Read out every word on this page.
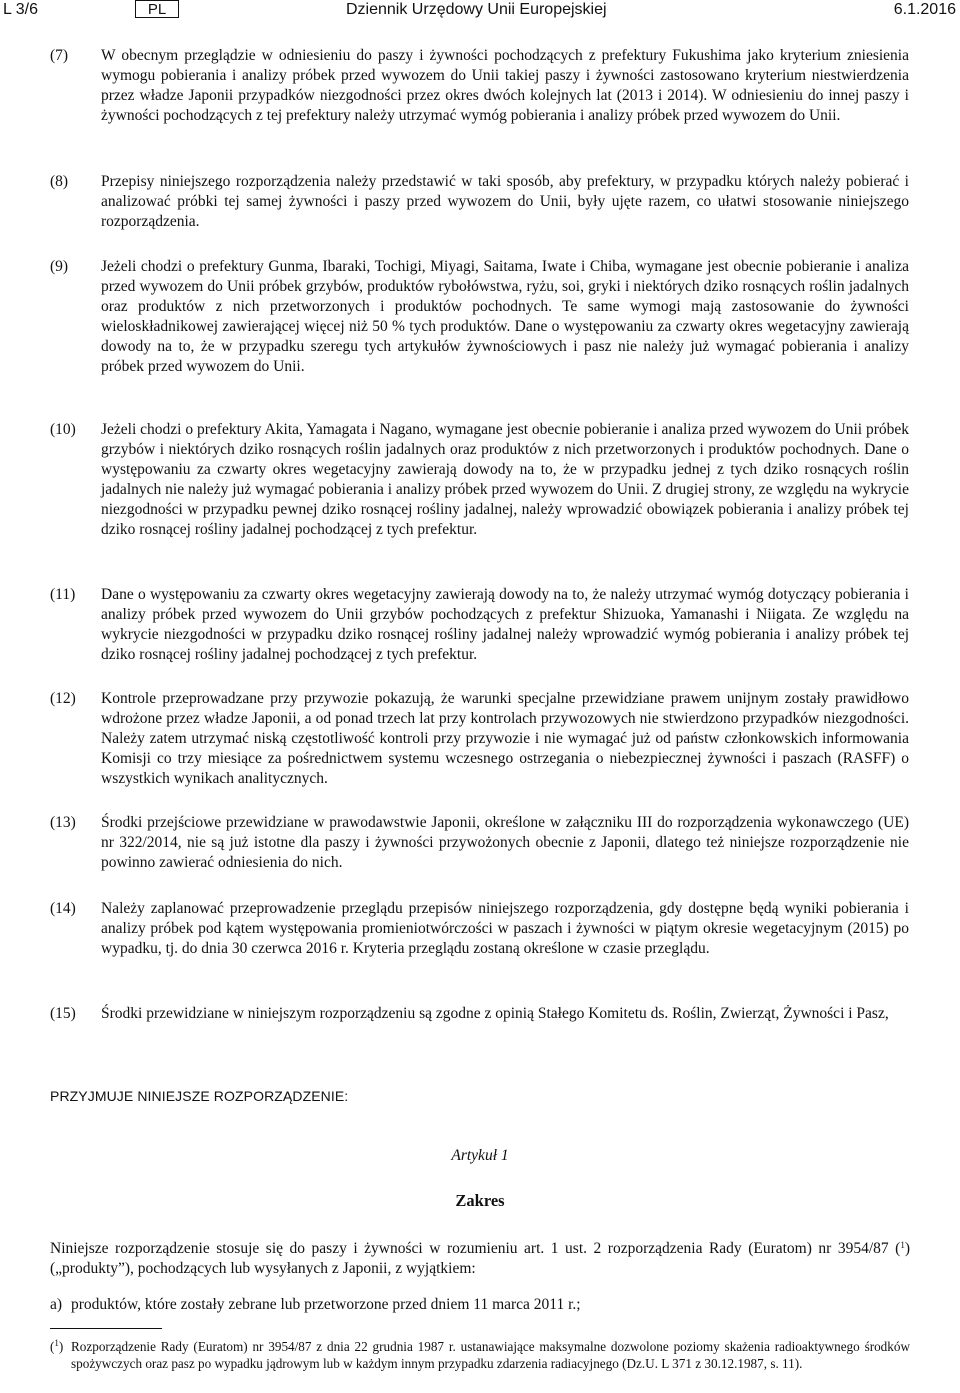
L 3/6	PL	Dziennik Urzędowy Unii Europejskiej	6.1.2016
(7) W obecnym przeglądzie w odniesieniu do paszy i żywności pochodzących z prefektury Fukushima jako kryterium zniesienia wymogu pobierania i analizy próbek przed wywozem do Unii takiej paszy i żywności zastosowano kryterium niestwierdzenia przez władze Japonii przypadków niezgodności przez okres dwóch kolejnych lat (2013 i 2014). W odniesieniu do innej paszy i żywności pochodzących z tej prefektury należy utrzymać wymóg pobierania i analizy próbek przed wywozem do Unii.
(8) Przepisy niniejszego rozporządzenia należy przedstawić w taki sposób, aby prefektury, w przypadku których należy pobierać i analizować próbki tej samej żywności i paszy przed wywozem do Unii, były ujęte razem, co ułatwi stosowanie niniejszego rozporządzenia.
(9) Jeżeli chodzi o prefektury Gunma, Ibaraki, Tochigi, Miyagi, Saitama, Iwate i Chiba, wymagane jest obecnie pobieranie i analiza przed wywozem do Unii próbek grzybów, produktów rybołówstwa, ryżu, soi, gryki i niektórych dziko rosnących roślin jadalnych oraz produktów z nich przetworzonych i produktów pochodnych. Te same wymogi mają zastosowanie do żywności wieloskładnikowej zawierającej więcej niż 50 % tych produktów. Dane o występowaniu za czwarty okres wegetacyjny zawierają dowody na to, że w przypadku szeregu tych artykułów żywnościowych i pasz nie należy już wymagać pobierania i analizy próbek przed wywozem do Unii.
(10) Jeżeli chodzi o prefektury Akita, Yamagata i Nagano, wymagane jest obecnie pobieranie i analiza przed wywozem do Unii próbek grzybów i niektórych dziko rosnących roślin jadalnych oraz produktów z nich przetworzonych i produktów pochodnych. Dane o występowaniu za czwarty okres wegetacyjny zawierają dowody na to, że w przypadku jednej z tych dziko rosnących roślin jadalnych nie należy już wymagać pobierania i analizy próbek przed wywozem do Unii. Z drugiej strony, ze względu na wykrycie niezgodności w przypadku pewnej dziko rosnącej rośliny jadalnej, należy wprowadzić obowiązek pobierania i analizy próbek tej dziko rosnącej rośliny jadalnej pochodzącej z tych prefektur.
(11) Dane o występowaniu za czwarty okres wegetacyjny zawierają dowody na to, że należy utrzymać wymóg dotyczący pobierania i analizy próbek przed wywozem do Unii grzybów pochodzących z prefektur Shizuoka, Yamanashi i Niigata. Ze względu na wykrycie niezgodności w przypadku dziko rosnącej rośliny jadalnej należy wprowadzić wymóg pobierania i analizy próbek tej dziko rosnącej rośliny jadalnej pochodzącej z tych prefektur.
(12) Kontrole przeprowadzane przy przywozie pokazują, że warunki specjalne przewidziane prawem unijnym zostały prawidłowo wdrożone przez władze Japonii, a od ponad trzech lat przy kontrolach przywozowych nie stwierdzono przypadków niezgodności. Należy zatem utrzymać niską częstotliwość kontroli przy przywozie i nie wymagać już od państw członkowskich informowania Komisji co trzy miesiące za pośrednictwem systemu wczesnego ostrzegania o niebezpiecznej żywności i paszach (RASFF) o wszystkich wynikach analitycznych.
(13) Środki przejściowe przewidziane w prawodawstwie Japonii, określone w załączniku III do rozporządzenia wykonawczego (UE) nr 322/2014, nie są już istotne dla paszy i żywności przywożonych obecnie z Japonii, dlatego też niniejsze rozporządzenie nie powinno zawierać odniesienia do nich.
(14) Należy zaplanować przeprowadzenie przeglądu przepisów niniejszego rozporządzenia, gdy dostępne będą wyniki pobierania i analizy próbek pod kątem występowania promieniotwórczości w paszach i żywności w piątym okresie wegetacyjnym (2015) po wypadku, tj. do dnia 30 czerwca 2016 r. Kryteria przeglądu zostaną określone w czasie przeglądu.
(15) Środki przewidziane w niniejszym rozporządzeniu są zgodne z opinią Stałego Komitetu ds. Roślin, Zwierząt, Żywności i Pasz,
PRZYJMUJE NINIEJSZE ROZPORZĄDZENIE:
Artykuł 1
Zakres
Niniejsze rozporządzenie stosuje się do paszy i żywności w rozumieniu art. 1 ust. 2 rozporządzenia Rady (Euratom) nr 3954/87 ($^1$) („produkty”), pochodzących lub wysyłanych z Japonii, z wyjątkiem:
a) produktów, które zostały zebrane lub przetworzone przed dniem 11 marca 2011 r.;
($^1$) Rozporządzenie Rady (Euratom) nr 3954/87 z dnia 22 grudnia 1987 r. ustanawiające maksymalne dozwolone poziomy skażenia radioaktywnego środków spożywczych oraz pasz po wypadku jądrowym lub w każdym innym przypadku zdarzenia radiacyjnego (Dz.U. L 371 z 30.12.1987, s. 11).
